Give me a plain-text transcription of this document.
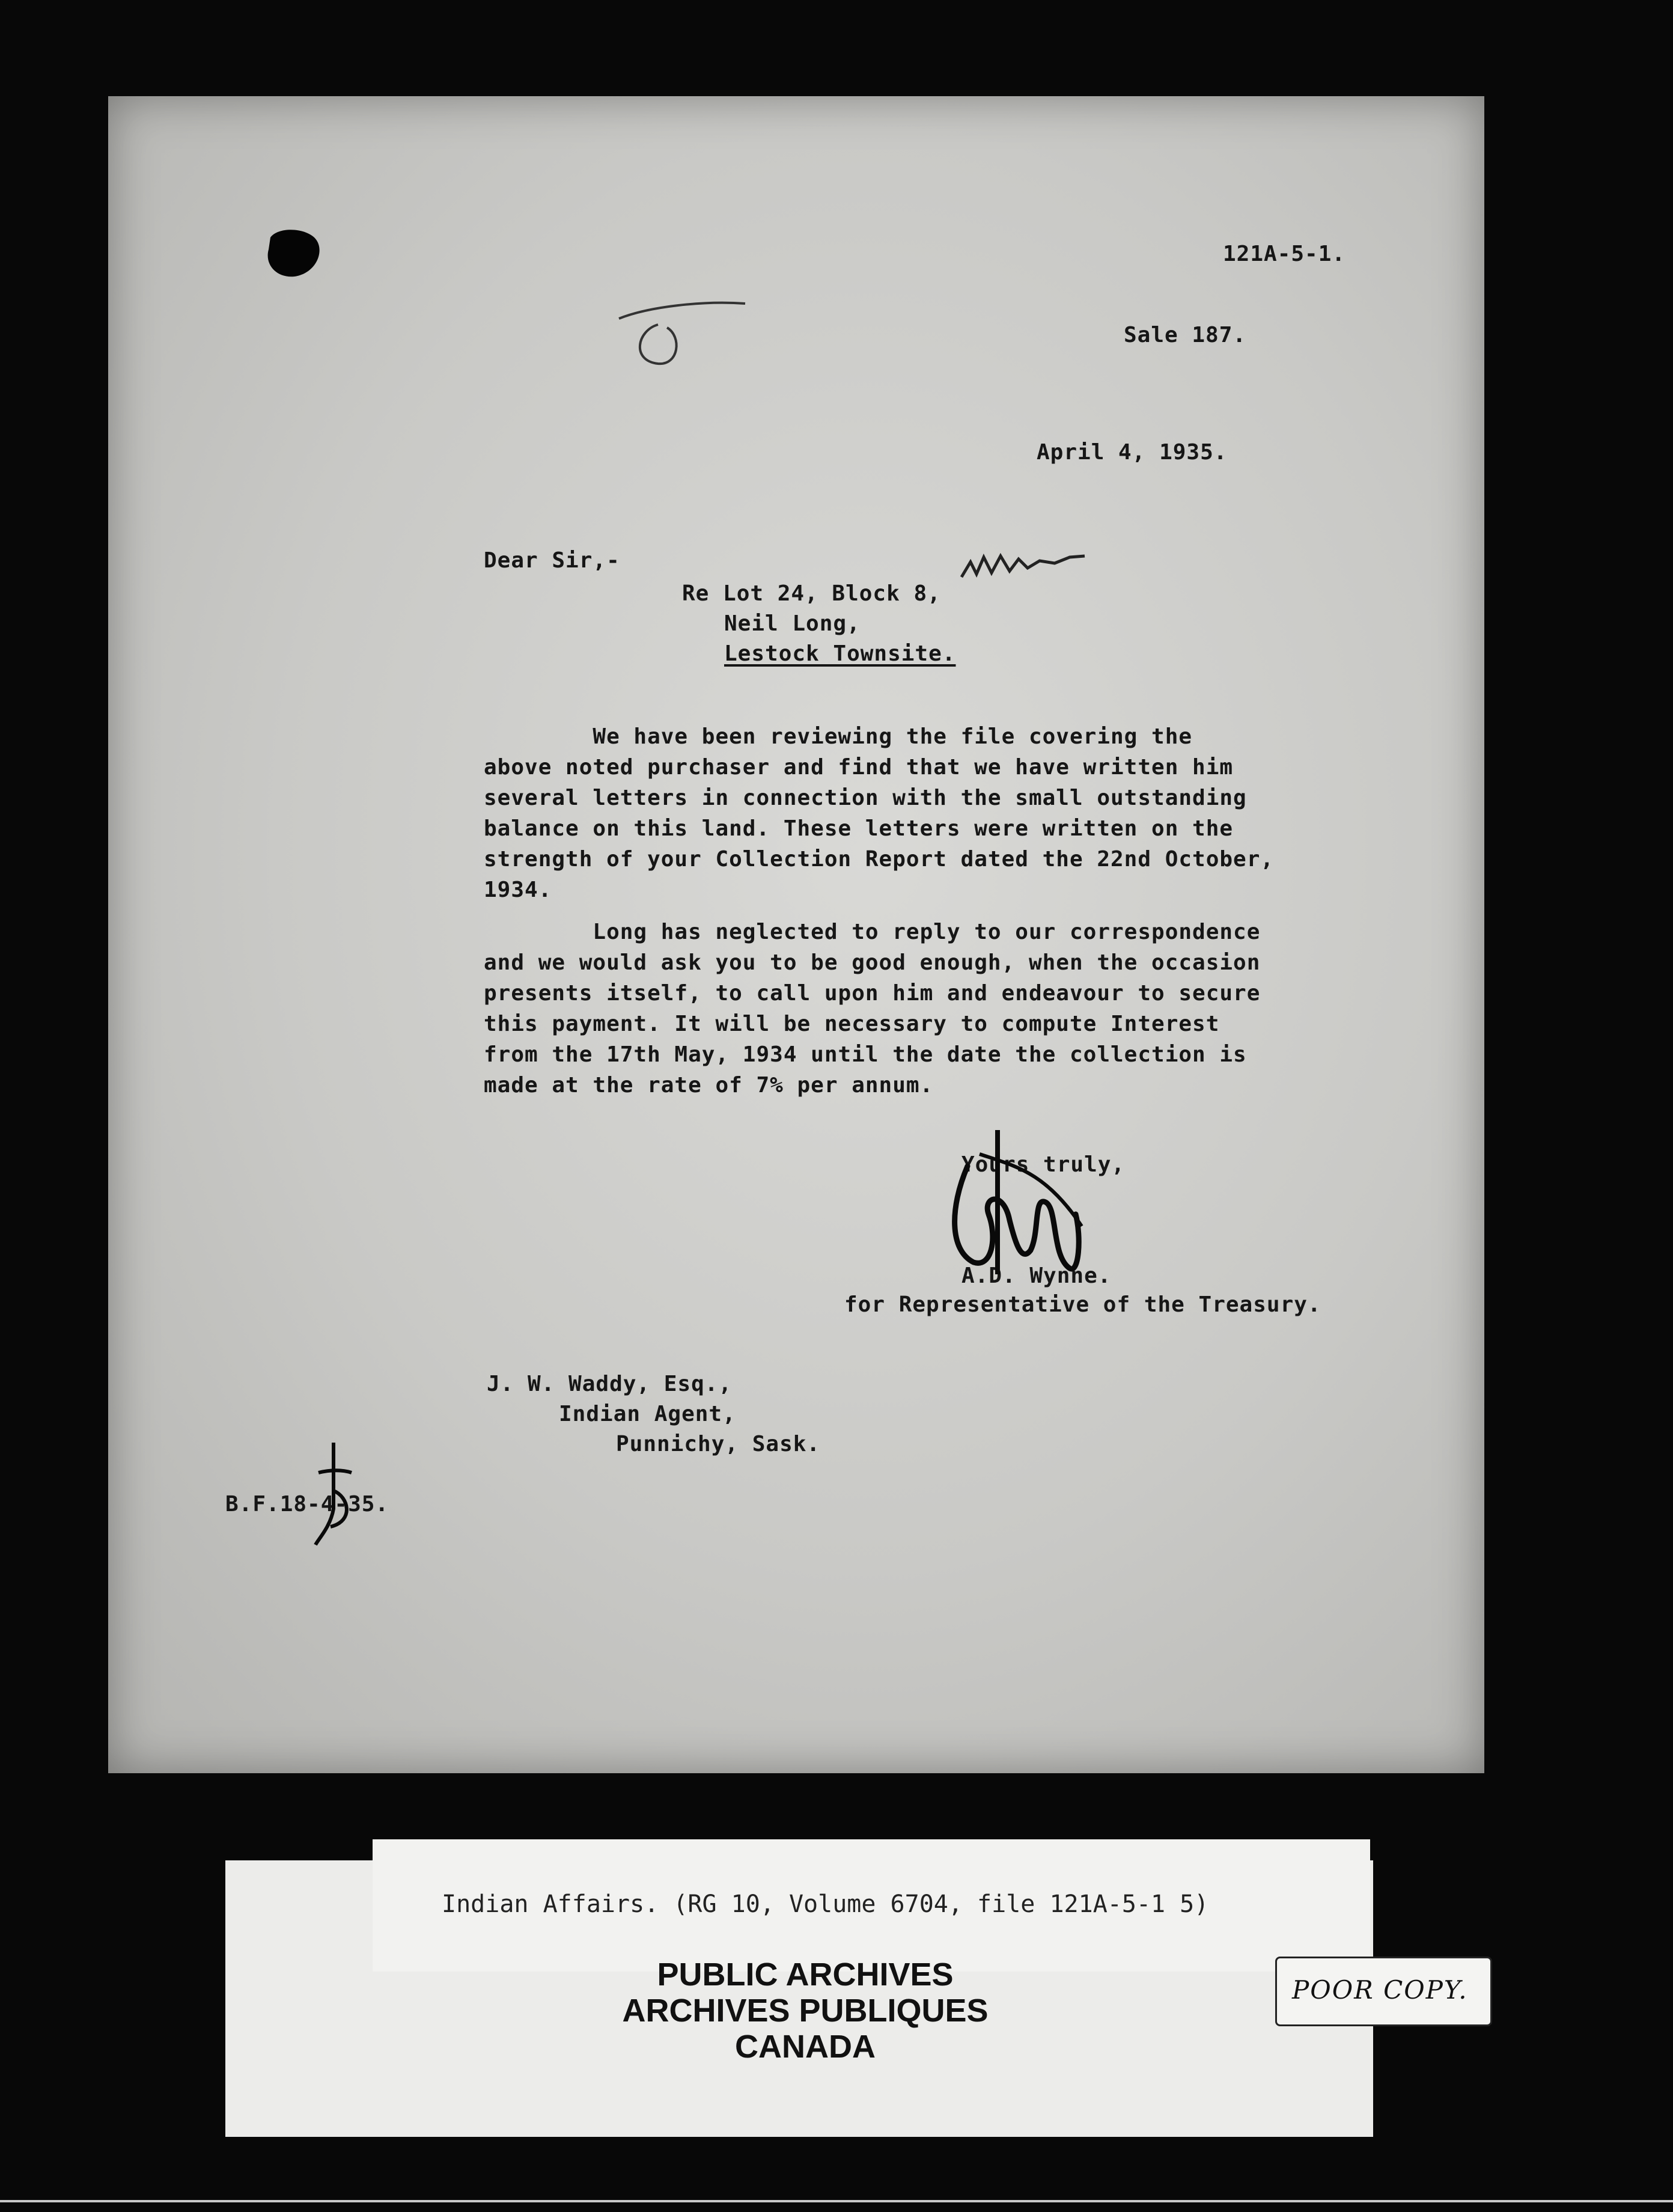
121A-5-1.
Sale 187.
April 4, 1935.
Dear Sir,-
Re Lot 24, Block 8,
Neil Long,
Lestock Townsite.
We have been reviewing the file covering the
above noted purchaser and find that we have written him
several letters in connection with the small outstanding
balance on this land. These letters were written on the
strength of your Collection Report dated the 22nd October,
1934.
Long has neglected to reply to our correspondence
and we would ask you to be good enough, when the occasion
presents itself, to call upon him and endeavour to secure
this payment. It will be necessary to compute Interest
from the 17th May, 1934 until the date the collection is
made at the rate of 7% per annum.
Yours truly,
A.D. Wynne.
for Representative of the Treasury.
J. W. Waddy, Esq.,
Indian Agent,
Punnichy, Sask.
B.F.18-4-35.
Indian Affairs. (RG 10, Volume 6704, file 121A-5-1 5)
PUBLIC ARCHIVES
ARCHIVES PUBLIQUES
CANADA
POOR COPY.
